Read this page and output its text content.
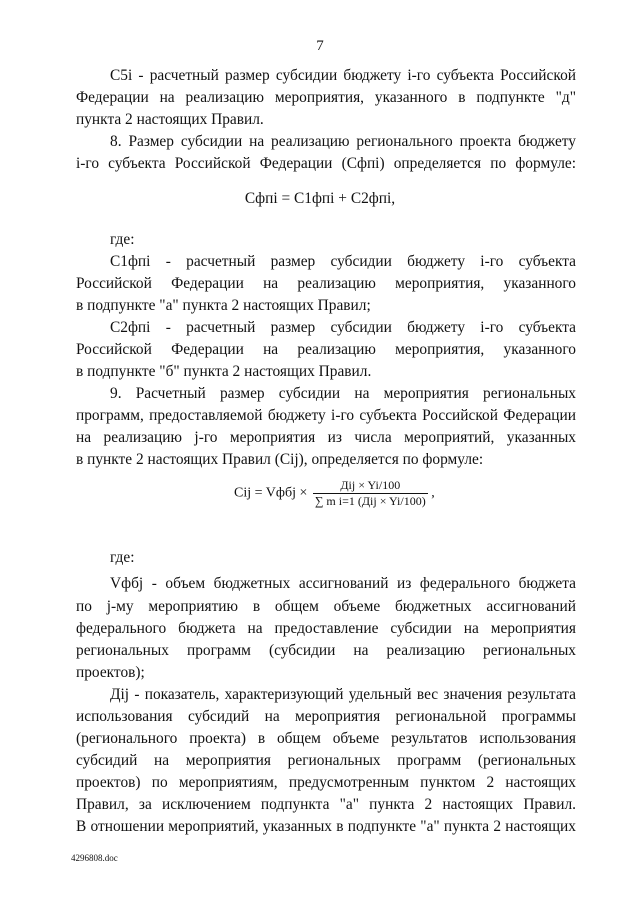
7
С5i - расчетный размер субсидии бюджету i-го субъекта Российской
Федерации на реализацию мероприятия, указанного в подпункте "д"
пункта 2 настоящих Правил.
8. Размер субсидии на реализацию регионального проекта бюджету
i-го субъекта Российской Федерации (Сфпi) определяется по формуле:
Сфпi = С1фпi + С2фпi,
где:
С1фпi - расчетный размер субсидии бюджету i-го субъекта
Российской Федерации на реализацию мероприятия, указанного
в подпункте "а" пункта 2 настоящих Правил;
С2фпi - расчетный размер субсидии бюджету i-го субъекта
Российской Федерации на реализацию мероприятия, указанного
в подпункте "б" пункта 2 настоящих Правил.
9. Расчетный размер субсидии на мероприятия региональных
программ, предоставляемой бюджету i-го субъекта Российской Федерации
на реализацию j-го мероприятия из числа мероприятий, указанных
в пункте 2 настоящих Правил (Сij), определяется по формуле:
Сij = Vфбj × $\frac{\text{Дij × Yi/100}}{\text{∑ m i=1 (Дij × Yi/100)}}$ ,
где:
Vфбj - объем бюджетных ассигнований из федерального бюджета
по j-му мероприятию в общем объеме бюджетных ассигнований
федерального бюджета на предоставление субсидии на мероприятия
региональных программ (субсидии на реализацию региональных
проектов);
Дij - показатель, характеризующий удельный вес значения результата
использования субсидий на мероприятия региональной программы
(регионального проекта) в общем объеме результатов использования
субсидий на мероприятия региональных программ (региональных
проектов) по мероприятиям, предусмотренным пунктом 2 настоящих
Правил, за исключением подпункта "а" пункта 2 настоящих Правил.
В отношении мероприятий, указанных в подпункте "а" пункта 2 настоящих
4296808.doc
